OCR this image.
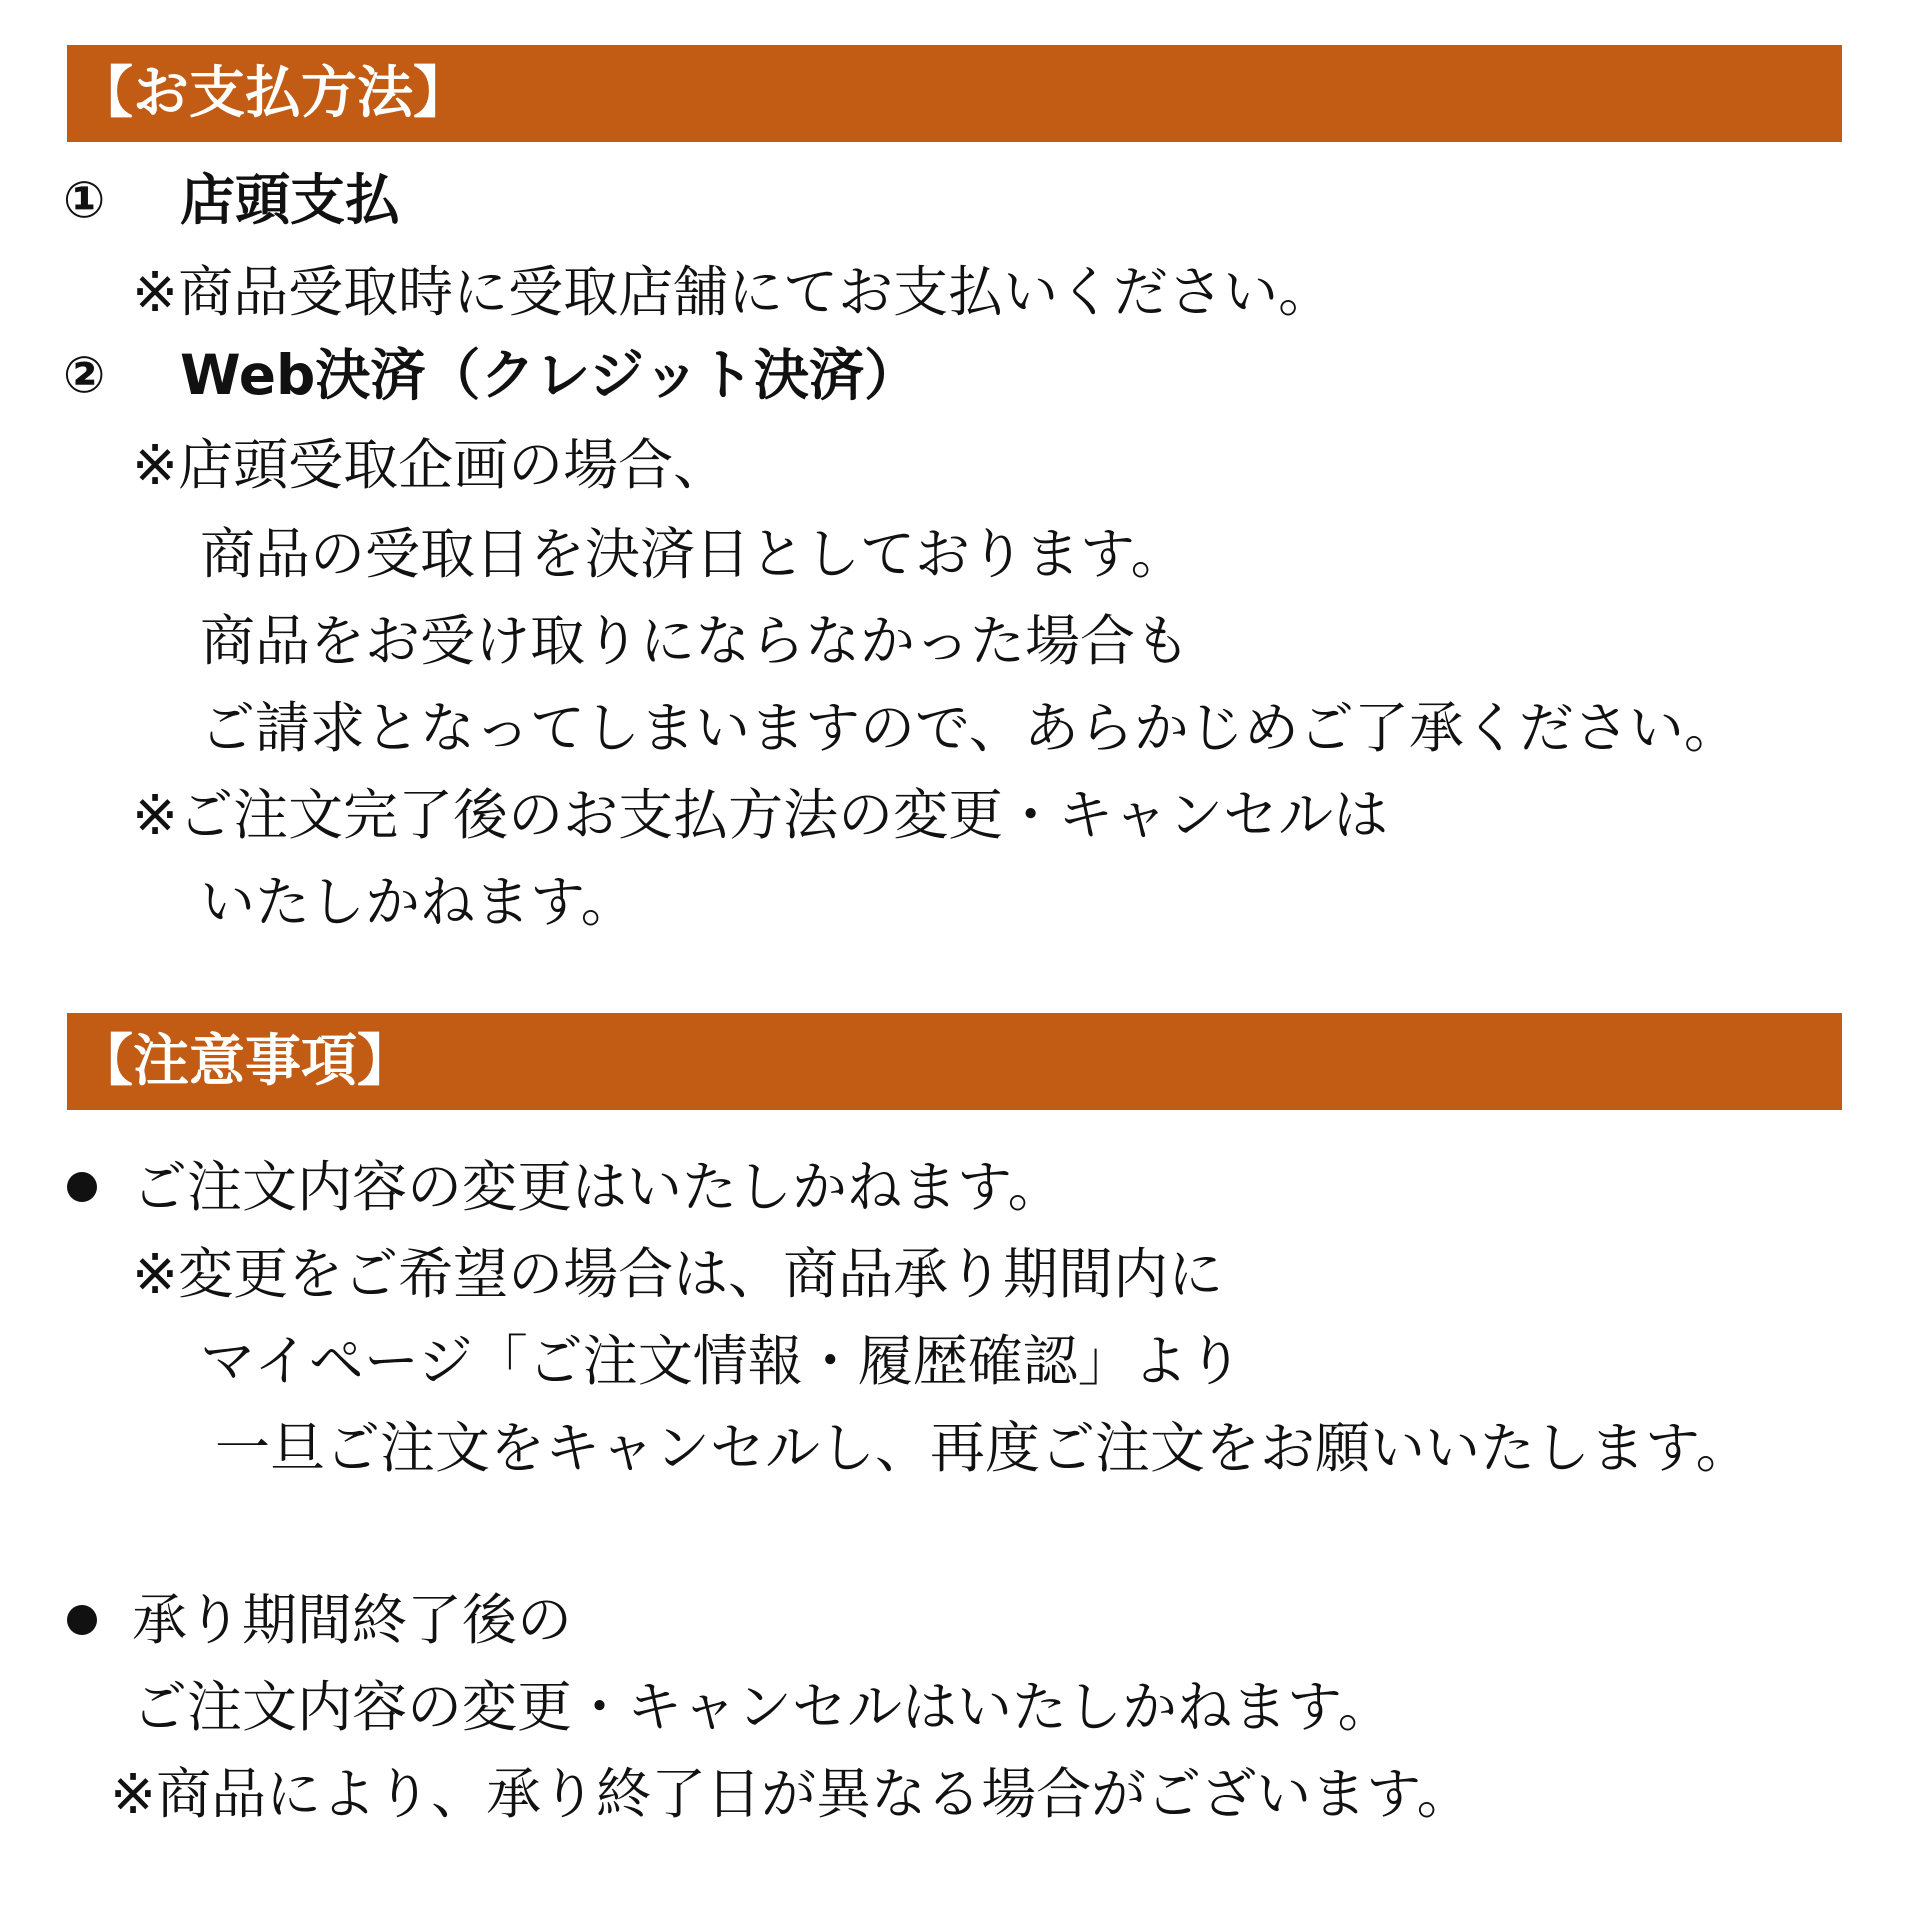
【お支払方法】
① 店頭支払
※商品受取時に受取店舗にてお支払いください。
② Web決済（クレジット決済）
※店頭受取企画の場合、
商品の受取日を決済日としております。
商品をお受け取りにならなかった場合も
ご請求となってしまいますので、あらかじめご了承ください。
※ご注文完了後のお支払方法の変更・キャンセルは
いたしかねます。
【注意事項】
ご注文内容の変更はいたしかねます。
※変更をご希望の場合は、商品承り期間内に
マイページ「ご注文情報・履歴確認」より
一旦ご注文をキャンセルし、再度ご注文をお願いいたします。
承り期間終了後の
ご注文内容の変更・キャンセルはいたしかねます。
※商品により、承り終了日が異なる場合がございます。
